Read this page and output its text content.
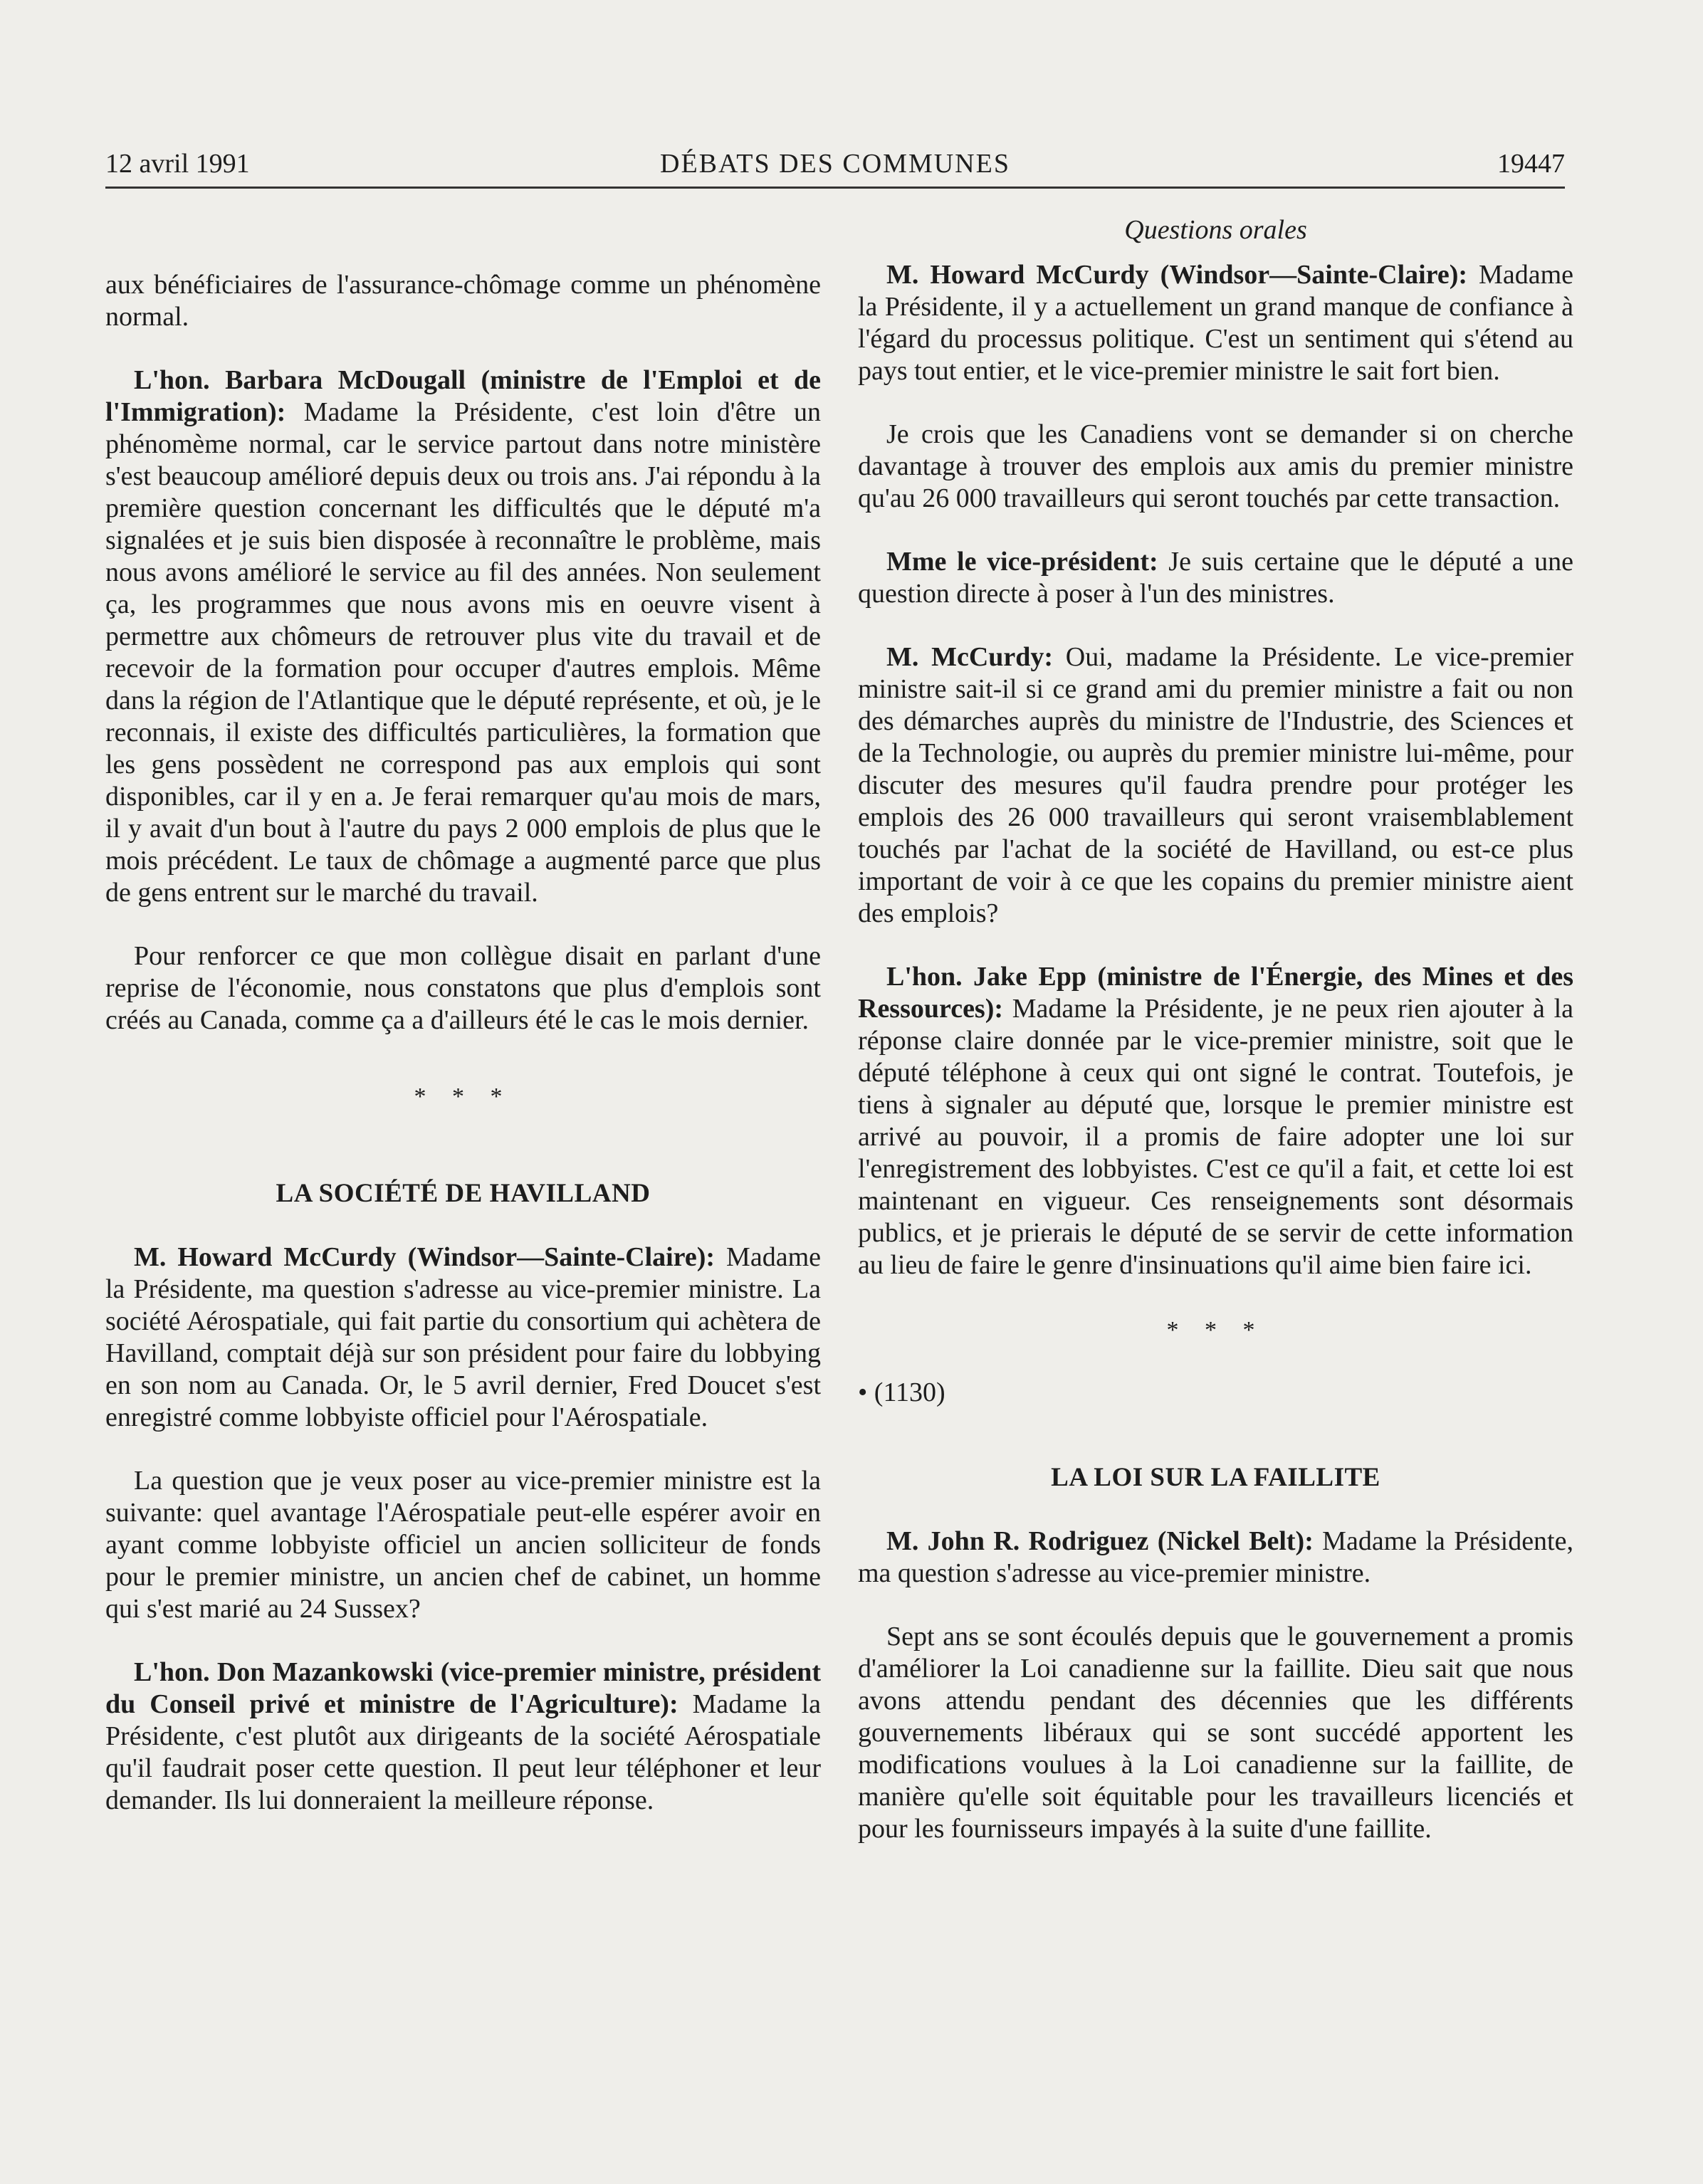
12 avril 1991	DÉBATS DES COMMUNES	19447

aux bénéficiaires de l'assurance-chômage comme un phénomène normal.

L'hon. Barbara McDougall (ministre de l'Emploi et de l'Immigration): Madame la Présidente, c'est loin d'être un phénomème normal, car le service partout dans notre ministère s'est beaucoup amélioré depuis deux ou trois ans. J'ai répondu à la première question concernant les difficultés que le député m'a signalées et je suis bien disposée à reconnaître le problème, mais nous avons amélioré le service au fil des années. Non seulement ça, les programmes que nous avons mis en oeuvre visent à permettre aux chômeurs de retrouver plus vite du travail et de recevoir de la formation pour occuper d'autres emplois. Même dans la région de l'Atlantique que le député représente, et où, je le reconnais, il existe des difficultés particulières, la formation que les gens possèdent ne correspond pas aux emplois qui sont disponibles, car il y en a. Je ferai remarquer qu'au mois de mars, il y avait d'un bout à l'autre du pays 2 000 emplois de plus que le mois précédent. Le taux de chômage a augmenté parce que plus de gens entrent sur le marché du travail.

Pour renforcer ce que mon collègue disait en parlant d'une reprise de l'économie, nous constatons que plus d'emplois sont créés au Canada, comme ça a d'ailleurs été le cas le mois dernier.

* * *
LA SOCIÉTÉ DE HAVILLAND

M. Howard McCurdy (Windsor—Sainte-Claire): Madame la Présidente, ma question s'adresse au vice-premier ministre. La société Aérospatiale, qui fait partie du consortium qui achètera de Havilland, comptait déjà sur son président pour faire du lobbying en son nom au Canada. Or, le 5 avril dernier, Fred Doucet s'est enregistré comme lobbyiste officiel pour l'Aérospatiale.

La question que je veux poser au vice-premier ministre est la suivante: quel avantage l'Aérospatiale peut-elle espérer avoir en ayant comme lobbyiste officiel un ancien solliciteur de fonds pour le premier ministre, un ancien chef de cabinet, un homme qui s'est marié au 24 Sussex?

L'hon. Don Mazankowski (vice-premier ministre, président du Conseil privé et ministre de l'Agriculture): Madame la Présidente, c'est plutôt aux dirigeants de la société Aérospatiale qu'il faudrait poser cette question. Il peut leur téléphoner et leur demander. Ils lui donneraient la meilleure réponse.

Questions orales

M. Howard McCurdy (Windsor—Sainte-Claire): Madame la Présidente, il y a actuellement un grand manque de confiance à l'égard du processus politique. C'est un sentiment qui s'étend au pays tout entier, et le vice-premier ministre le sait fort bien.

Je crois que les Canadiens vont se demander si on cherche davantage à trouver des emplois aux amis du premier ministre qu'au 26 000 travailleurs qui seront touchés par cette transaction.

Mme le vice-président: Je suis certaine que le député a une question directe à poser à l'un des ministres.

M. McCurdy: Oui, madame la Présidente. Le vice-premier ministre sait-il si ce grand ami du premier ministre a fait ou non des démarches auprès du ministre de l'Industrie, des Sciences et de la Technologie, ou auprès du premier ministre lui-même, pour discuter des mesures qu'il faudra prendre pour protéger les emplois des 26 000 travailleurs qui seront vraisemblablement touchés par l'achat de la société de Havilland, ou est-ce plus important de voir à ce que les copains du premier ministre aient des emplois?

L'hon. Jake Epp (ministre de l'Énergie, des Mines et des Ressources): Madame la Présidente, je ne peux rien ajouter à la réponse claire donnée par le vice-premier ministre, soit que le député téléphone à ceux qui ont signé le contrat. Toutefois, je tiens à signaler au député que, lorsque le premier ministre est arrivé au pouvoir, il a promis de faire adopter une loi sur l'enregistrement des lobbyistes. C'est ce qu'il a fait, et cette loi est maintenant en vigueur. Ces renseignements sont désormais publics, et je prierais le député de se servir de cette information au lieu de faire le genre d'insinuations qu'il aime bien faire ici.

* * *
• (1130)
LA LOI SUR LA FAILLITE

M. John R. Rodriguez (Nickel Belt): Madame la Présidente, ma question s'adresse au vice-premier ministre.

Sept ans se sont écoulés depuis que le gouvernement a promis d'améliorer la Loi canadienne sur la faillite. Dieu sait que nous avons attendu pendant des décennies que les différents gouvernements libéraux qui se sont succédé apportent les modifications voulues à la Loi canadienne sur la faillite, de manière qu'elle soit équitable pour les travailleurs licenciés et pour les fournisseurs impayés à la suite d'une faillite.
